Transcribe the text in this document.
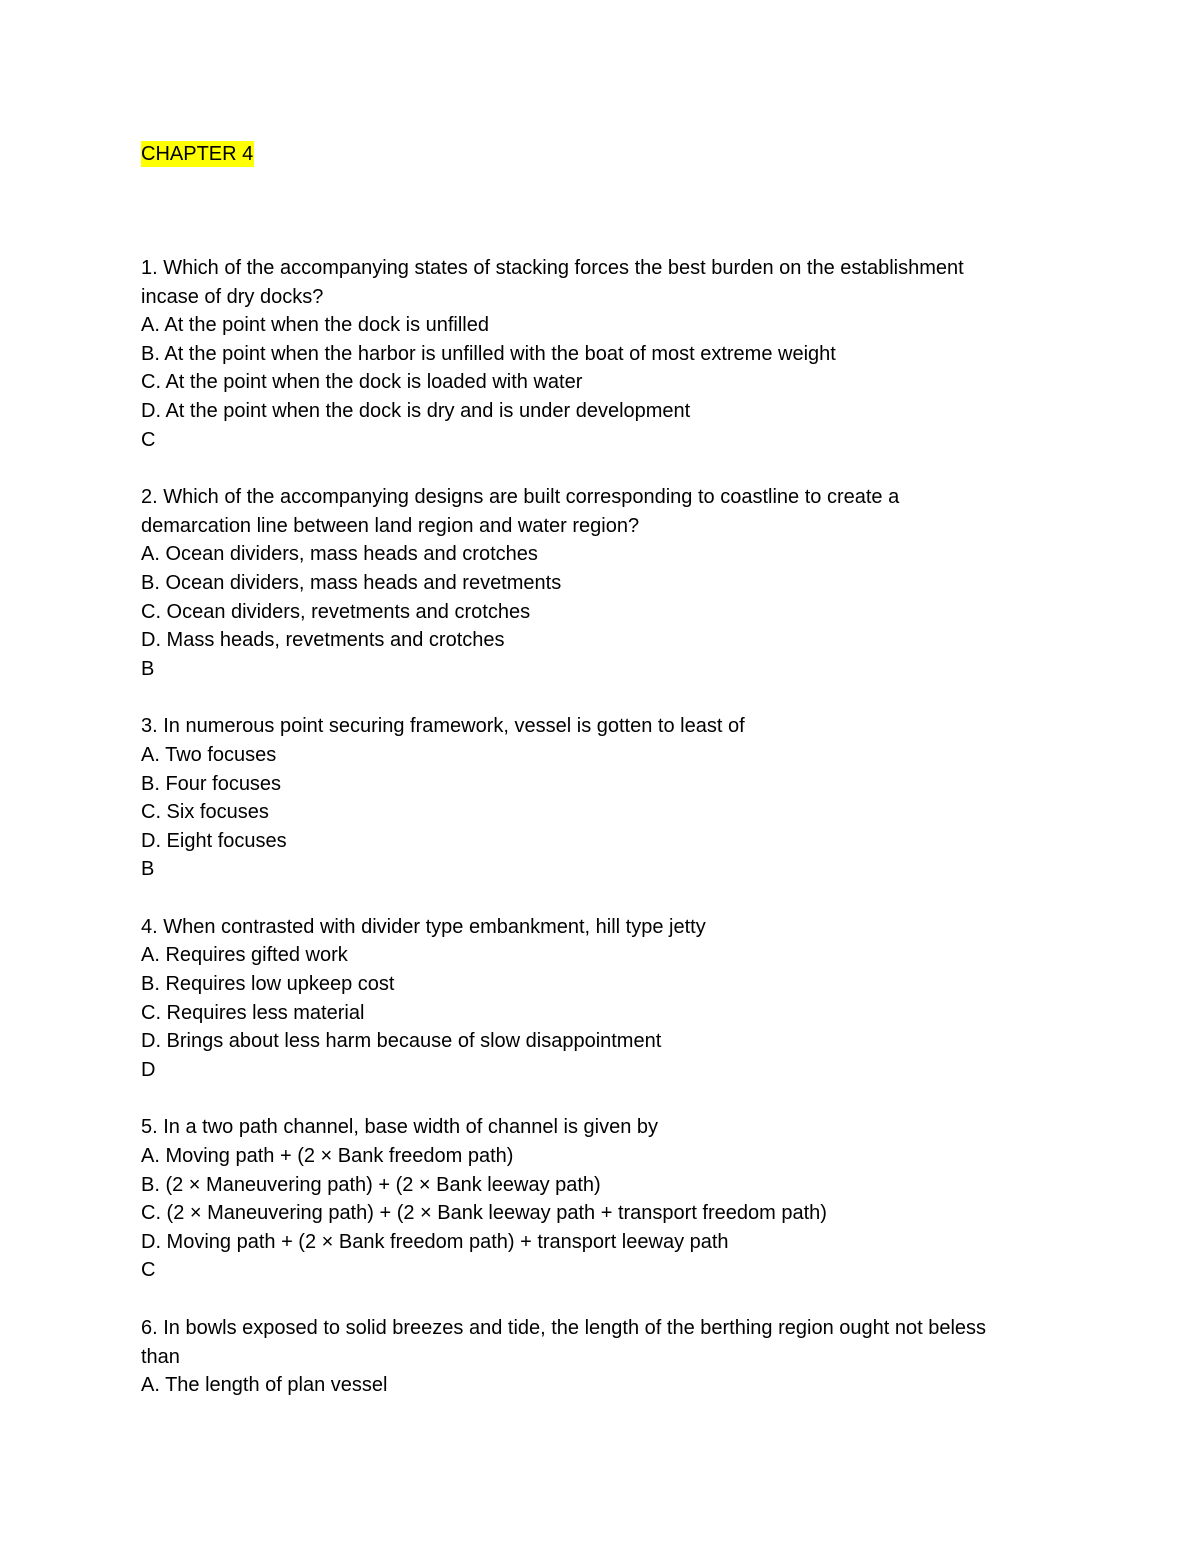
CHAPTER 4
1. Which of the accompanying states of stacking forces the best burden on the establishment
incase of dry docks?
A. At the point when the dock is unfilled
B. At the point when the harbor is unfilled with the boat of most extreme weight
C. At the point when the dock is loaded with water
D. At the point when the dock is dry and is under development
C
2. Which of the accompanying designs are built corresponding to coastline to create a
demarcation line between land region and water region?
A. Ocean dividers, mass heads and crotches
B. Ocean dividers, mass heads and revetments
C. Ocean dividers, revetments and crotches
D. Mass heads, revetments and crotches
B
3. In numerous point securing framework, vessel is gotten to least of
A. Two focuses
B. Four focuses
C. Six focuses
D. Eight focuses
B
4. When contrasted with divider type embankment, hill type jetty
A. Requires gifted work
B. Requires low upkeep cost
C. Requires less material
D. Brings about less harm because of slow disappointment
D
5. In a two path channel, base width of channel is given by
A. Moving path + (2 × Bank freedom path)
B. (2 × Maneuvering path) + (2 × Bank leeway path)
C. (2 × Maneuvering path) + (2 × Bank leeway path + transport freedom path)
D. Moving path + (2 × Bank freedom path) + transport leeway path
C
6. In bowls exposed to solid breezes and tide, the length of the berthing region ought not beless
than
A. The length of plan vessel
